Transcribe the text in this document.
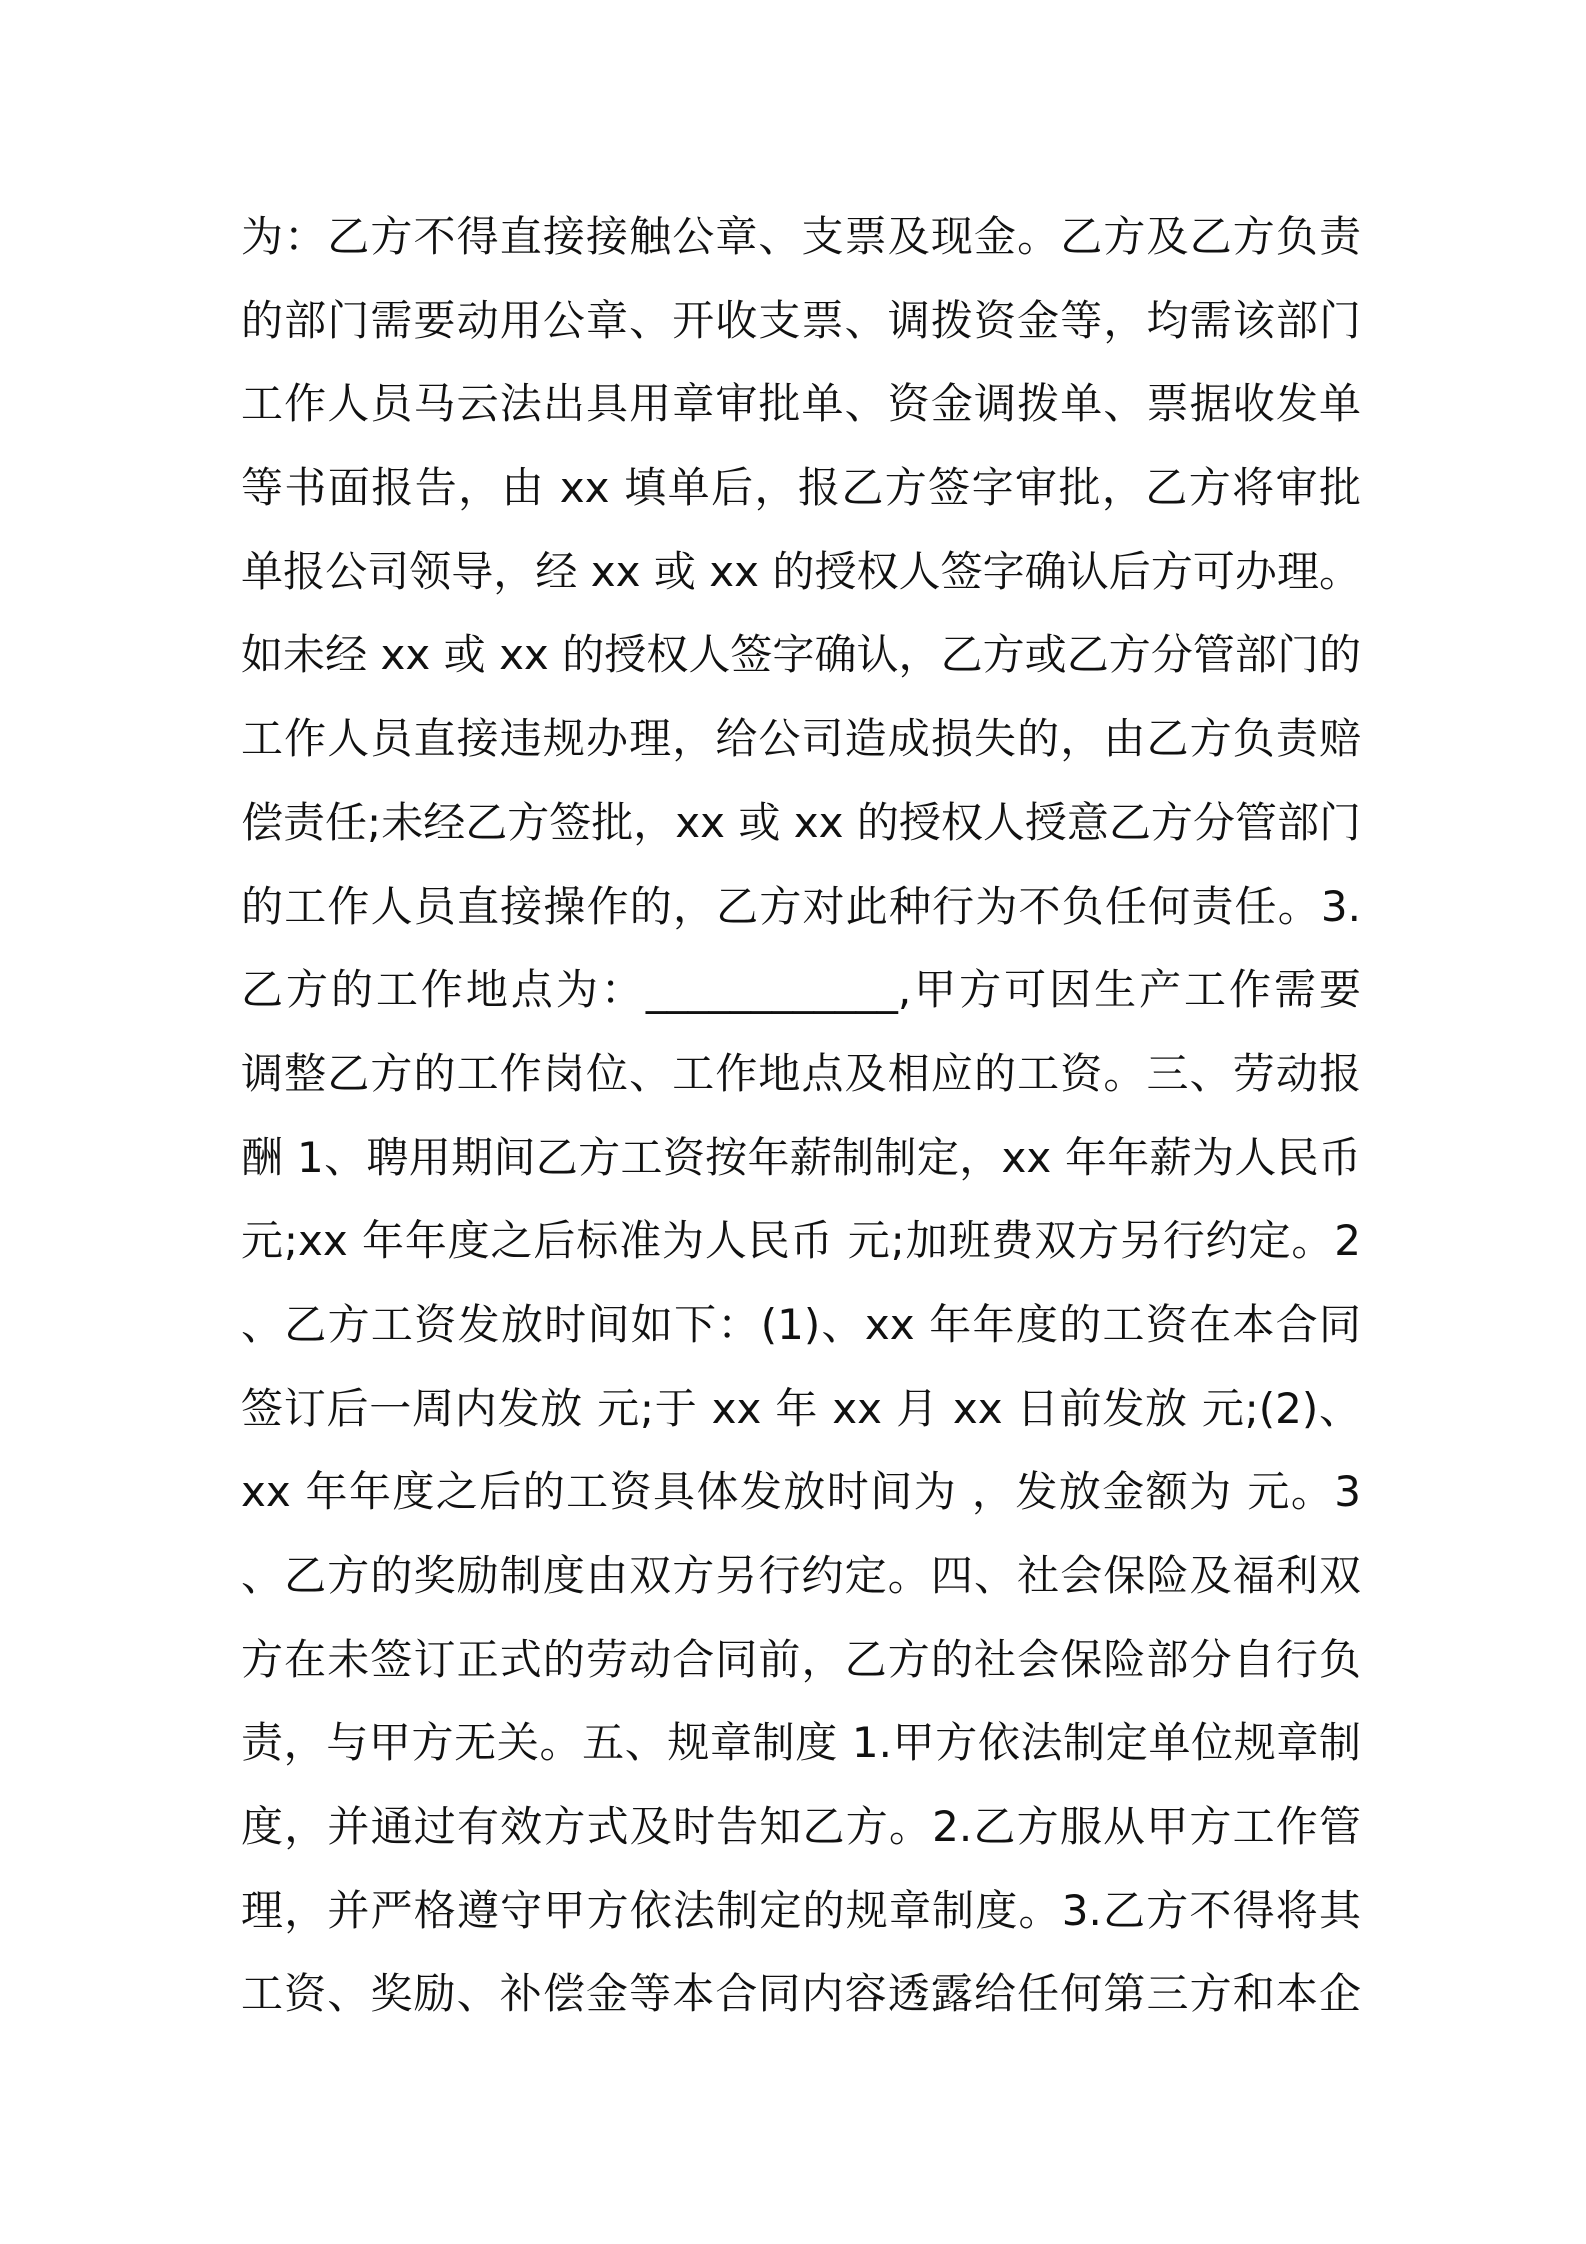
为：乙方不得直接接触公章、支票及现金。乙方及乙方负责
的部门需要动用公章、开收支票、调拨资金等，均需该部门
工作人员马云法出具用章审批单、资金调拨单、票据收发单
等书面报告，由 xx 填单后，报乙方签字审批，乙方将审批
单报公司领导，经 xx 或 xx 的授权人签字确认后方可办理。
如未经 xx 或 xx 的授权人签字确认，乙方或乙方分管部门的
工作人员直接违规办理，给公司造成损失的，由乙方负责赔
偿责任;未经乙方签批，xx 或 xx 的授权人授意乙方分管部门
的工作人员直接操作的，乙方对此种行为不负任何责任。3.
乙方的工作地点为：____________,甲方可因生产工作需要
调整乙方的工作岗位、工作地点及相应的工资。三、劳动报
酬 1、聘用期间乙方工资按年薪制制定，xx 年年薪为人民币
元;xx 年年度之后标准为人民币 元;加班费双方另行约定。2
、乙方工资发放时间如下：(1)、xx 年年度的工资在本合同
签订后一周内发放 元;于 xx 年 xx 月 xx 日前发放 元;(2)、
xx 年年度之后的工资具体发放时间为 ，发放金额为 元。3
、乙方的奖励制度由双方另行约定。四、社会保险及福利双
方在未签订正式的劳动合同前，乙方的社会保险部分自行负
责，与甲方无关。五、规章制度 1.甲方依法制定单位规章制
度，并通过有效方式及时告知乙方。2.乙方服从甲方工作管
理，并严格遵守甲方依法制定的规章制度。3.乙方不得将其
工资、奖励、补偿金等本合同内容透露给任何第三方和本企
